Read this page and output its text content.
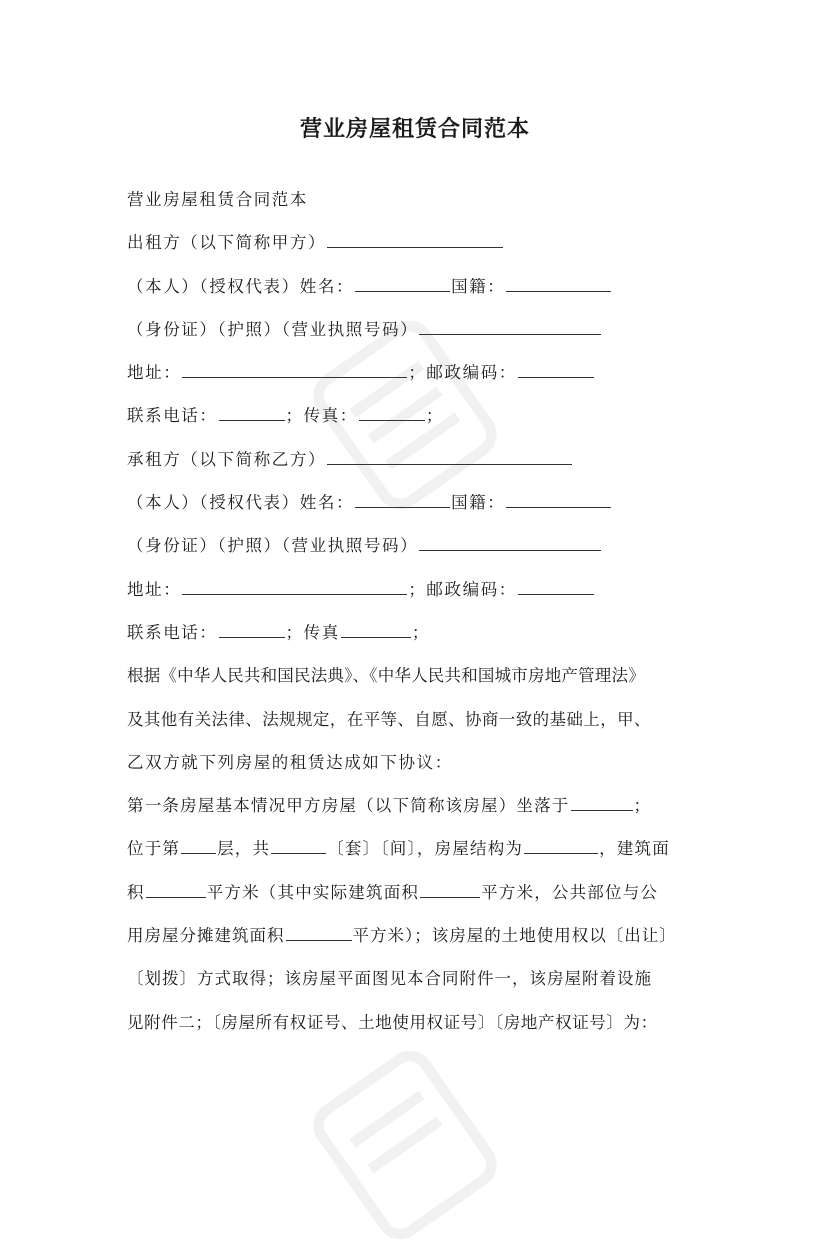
营业房屋租赁合同范本
营业房屋租赁合同范本
出租方（以下简称甲方）
（本人）（授权代表）姓名：	国籍：
（身份证）（护照）（营业执照号码）
地址：	；邮政编码：
联系电话：	；传真：	；
承租方（以下简称乙方）
（本人）（授权代表）姓名：	国籍：
（身份证）（护照）（营业执照号码）
地址：	；邮政编码：
联系电话：	；传真	；
根据《中华人民共和国民法典》、《中华人民共和国城市房地产管理法》
及其他有关法律、法规规定，在平等、自愿、协商一致的基础上，甲、
乙双方就下列房屋的租赁达成如下协议：
第一条房屋基本情况甲方房屋（以下简称该房屋）坐落于	；
位于第 层，共	〔套〕〔间〕，房屋结构为	，建筑面
积	平方米（其中实际建筑面积	平方米，公共部位与公
用房屋分摊建筑面积	平方米）；该房屋的土地使用权以〔出让〕
〔划拨〕方式取得；该房屋平面图见本合同附件一，该房屋附着设施
见附件二；〔房屋所有权证号、土地使用权证号〕〔房地产权证号〕为：
